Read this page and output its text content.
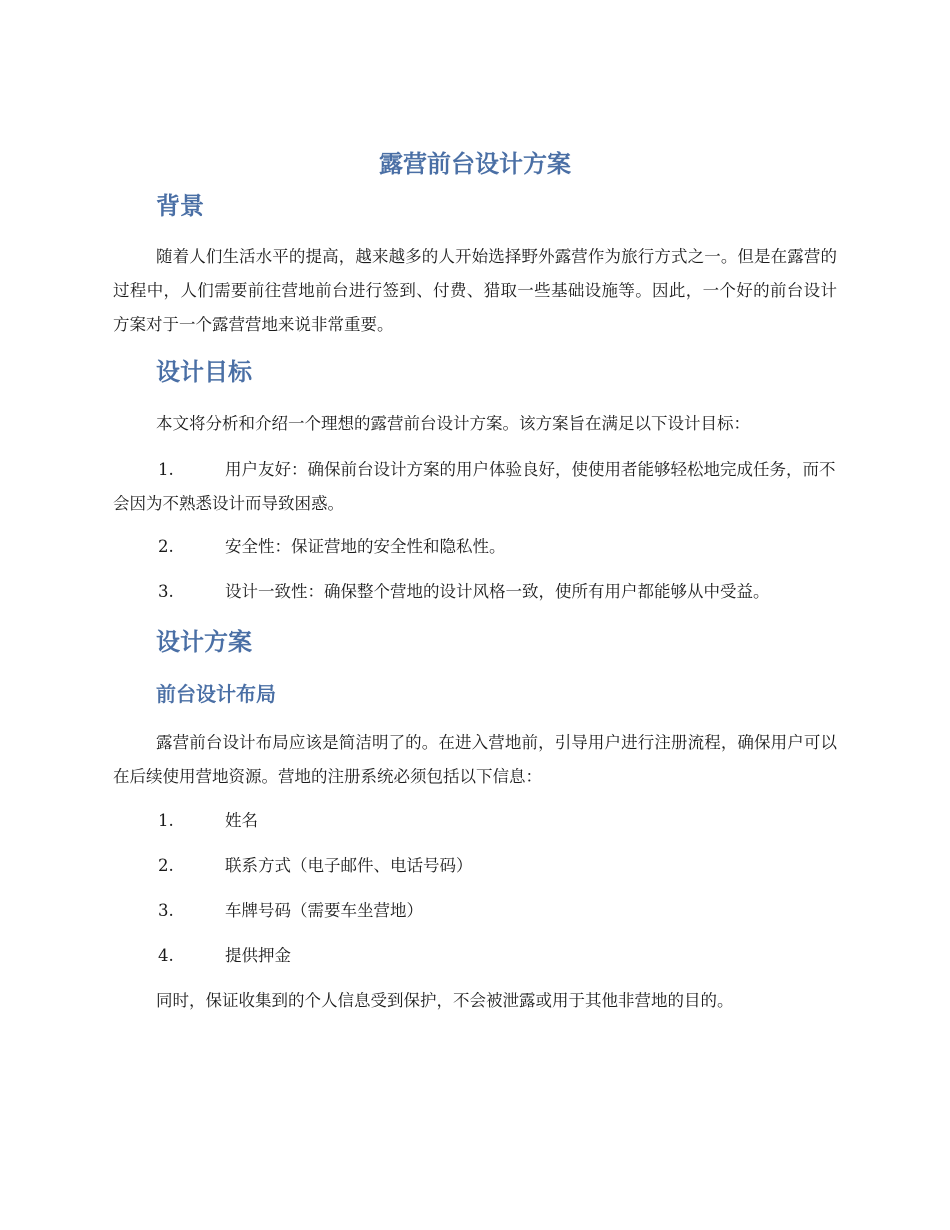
露营前台设计方案
背景

随着人们生活水平的提高，越来越多的人开始选择野外露营作为旅行方式之一。但是在露营的过程中，人们需要前往营地前台进行签到、付费、猎取一些基础设施等。因此，一个好的前台设计方案对于一个露营营地来说非常重要。

设计目标

本文将分析和介绍一个理想的露营前台设计方案。该方案旨在满足以下设计目标：

1.	用户友好：确保前台设计方案的用户体验良好，使使用者能够轻松地完成任务，而不会因为不熟悉设计而导致困惑。

2.	安全性：保证营地的安全性和隐私性。

3.	设计一致性：确保整个营地的设计风格一致，使所有用户都能够从中受益。

设计方案
前台设计布局

露营前台设计布局应该是简洁明了的。在进入营地前，引导用户进行注册流程，确保用户可以在后续使用营地资源。营地的注册系统必须包括以下信息：

1.	姓名

2.	联系方式（电子邮件、电话号码）

3.	车牌号码（需要车坐营地）

4.	提供押金

同时，保证收集到的个人信息受到保护，不会被泄露或用于其他非营地的目的。
